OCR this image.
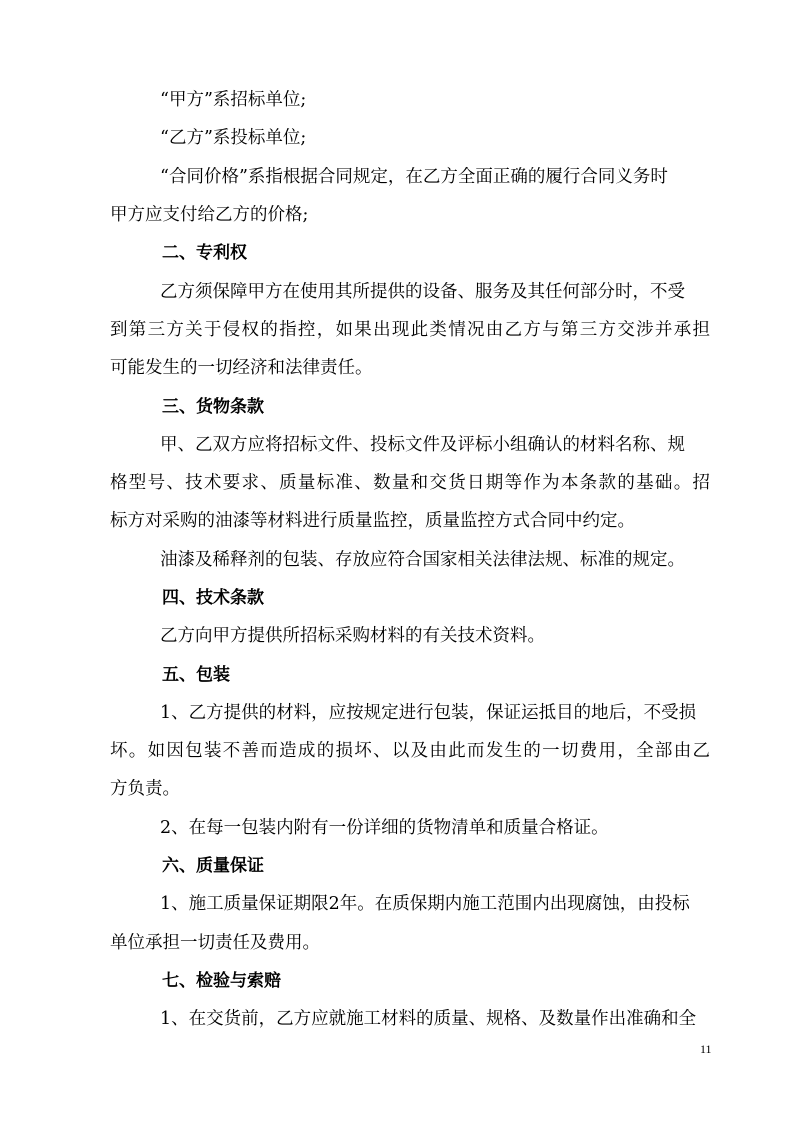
“甲方”系招标单位;
“乙方”系投标单位;
“合同价格”系指根据合同规定，在乙方全面正确的履行合同义务时
甲方应支付给乙方的价格;
二、专利权
乙方须保障甲方在使用其所提供的设备、服务及其任何部分时，不受
到第三方关于侵权的指控，如果出现此类情况由乙方与第三方交涉并承担
可能发生的一切经济和法律责任。
三、货物条款
甲、乙双方应将招标文件、投标文件及评标小组确认的材料名称、规
格型号、技术要求、质量标准、数量和交货日期等作为本条款的基础。招
标方对采购的油漆等材料进行质量监控，质量监控方式合同中约定。
油漆及稀释剂的包装、存放应符合国家相关法律法规、标准的规定。
四、技术条款
乙方向甲方提供所招标采购材料的有关技术资料。
五、包装
1、乙方提供的材料，应按规定进行包装，保证运抵目的地后，不受损
坏。如因包装不善而造成的损坏、以及由此而发生的一切费用，全部由乙
方负责。
2、在每一包装内附有一份详细的货物清单和质量合格证。
六、质量保证
1、施工质量保证期限2年。在质保期内施工范围内出现腐蚀，由投标
单位承担一切责任及费用。
七、检验与索赔
1、在交货前，乙方应就施工材料的质量、规格、及数量作出准确和全
11
